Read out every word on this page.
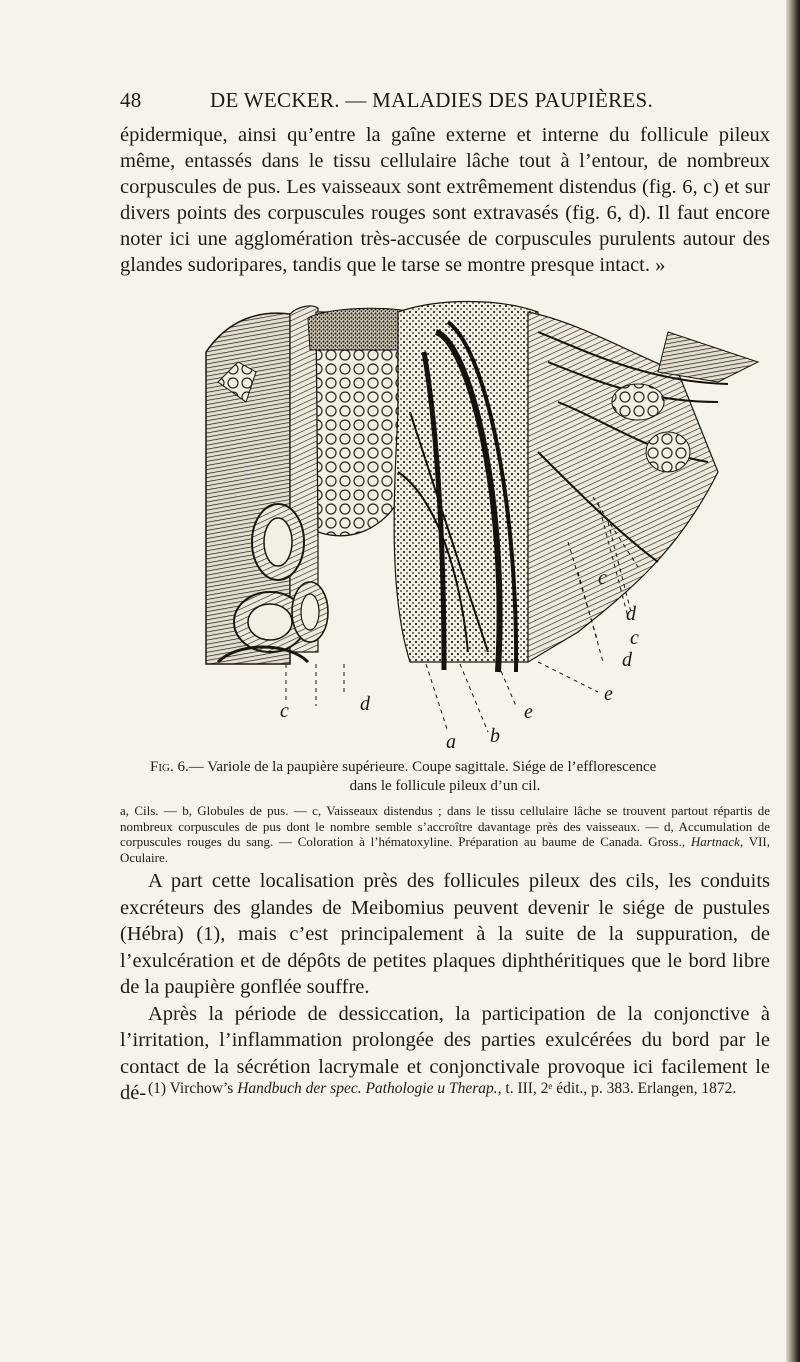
48	DE WECKER. — MALADIES DES PAUPIÈRES.

épidermique, ainsi qu’entre la gaîne externe et interne du follicule pileux même, entassés dans le tissu cellulaire lâche tout à l’entour, de nombreux corpuscules de pus. Les vaisseaux sont extrêmement distendus (fig. 6, c) et sur divers points des corpuscules rouges sont extravasés (fig. 6, d). Il faut encore noter ici une agglomération très-accusée de corpuscules purulents autour des glandes sudoripares, tandis que le tarse se montre presque intact. »

c
d
c
d
e
c	d	e
a b
Fig. 6.— Variole de la paupière supérieure. Coupe sagittale. Siége de l’efflorescence
dans le follicule pileux d’un cil.

a, Cils. — b, Globules de pus. — c, Vaisseaux distendus ; dans le tissu cellulaire lâche se trouvent partout répartis de nombreux corpuscules de pus dont le nombre semble s’accroître davantage près des vaisseaux. — d, Accumulation de corpuscules rouges du sang. — Coloration à l’hématoxyline. Préparation au baume de Canada. Gross., Hartnack, VII, Oculaire.

A part cette localisation près des follicules pileux des cils, les conduits excréteurs des glandes de Meibomius peuvent devenir le siége de pustules (Hébra) (1), mais c’est principalement à la suite de la suppuration, de l’exulcération et de dépôts de petites plaques diphthéritiques que le bord libre de la paupière gonflée souffre.

Après la période de dessiccation, la participation de la conjonctive à l’irritation, l’inflammation prolongée des parties exulcérées du bord par le contact de la sécrétion lacrymale et conjonctivale provoque ici facilement le dé- (1) Virchow’s Handbuch der spec. Pathologie u Therap., t. III, 2ᵉ édit., p. 383. Erlangen, 1872.
